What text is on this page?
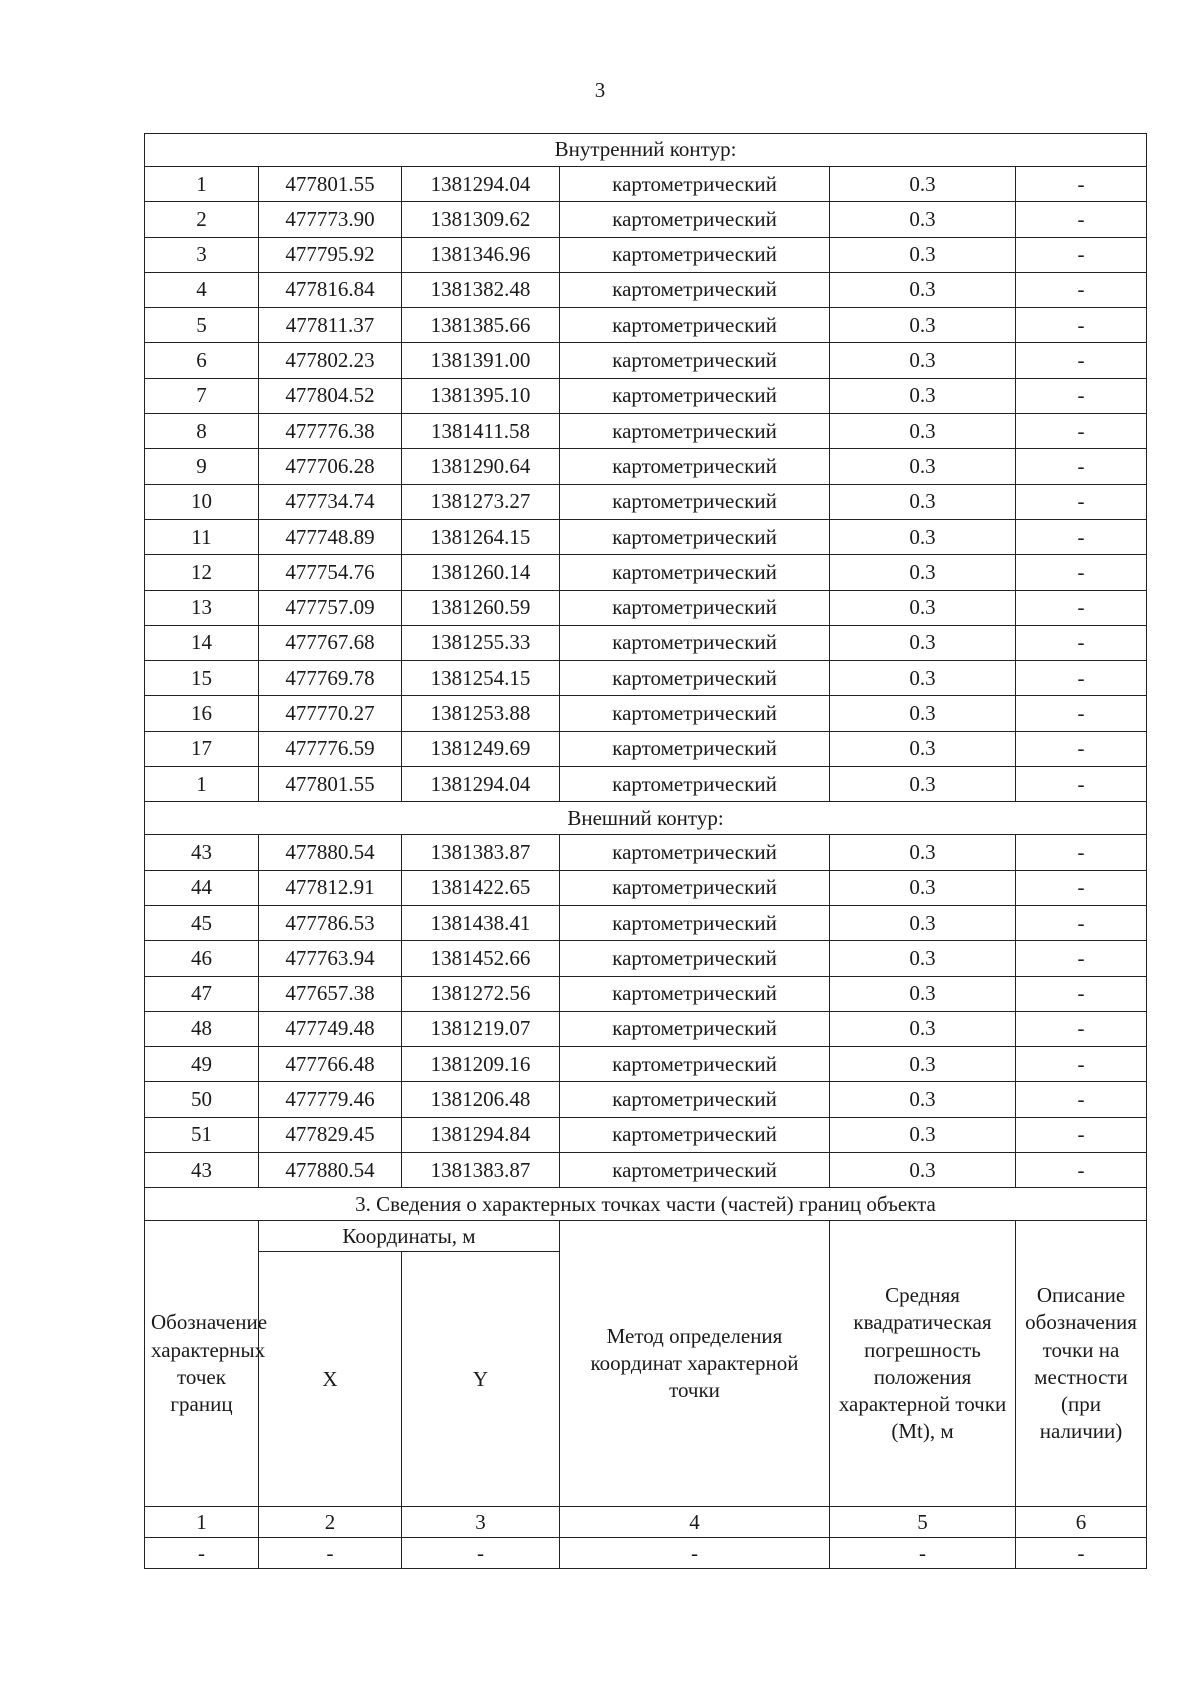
3
Внутренний контур:					
1	477801.55	1381294.04	картометрический	0.3	-
2	477773.90	1381309.62	картометрический	0.3	-
3	477795.92	1381346.96	картометрический	0.3	-
4	477816.84	1381382.48	картометрический	0.3	-
5	477811.37	1381385.66	картометрический	0.3	-
6	477802.23	1381391.00	картометрический	0.3	-
7	477804.52	1381395.10	картометрический	0.3	-
8	477776.38	1381411.58	картометрический	0.3	-
9	477706.28	1381290.64	картометрический	0.3	-
10	477734.74	1381273.27	картометрический	0.3	-
11	477748.89	1381264.15	картометрический	0.3	-
12	477754.76	1381260.14	картометрический	0.3	-
13	477757.09	1381260.59	картометрический	0.3	-
14	477767.68	1381255.33	картометрический	0.3	-
15	477769.78	1381254.15	картометрический	0.3	-
16	477770.27	1381253.88	картометрический	0.3	-
17	477776.59	1381249.69	картометрический	0.3	-
1	477801.55	1381294.04	картометрический	0.3	-
Внешний контур:					
43	477880.54	1381383.87	картометрический	0.3	-
44	477812.91	1381422.65	картометрический	0.3	-
45	477786.53	1381438.41	картометрический	0.3	-
46	477763.94	1381452.66	картометрический	0.3	-
47	477657.38	1381272.56	картометрический	0.3	-
48	477749.48	1381219.07	картометрический	0.3	-
49	477766.48	1381209.16	картометрический	0.3	-
50	477779.46	1381206.48	картометрический	0.3	-
51	477829.45	1381294.84	картометрический	0.3	-
43	477880.54	1381383.87	картометрический	0.3	-
3. Сведения о характерных точках части (частей) границ объекта					
Обозначение характерных точек границ	Координаты, м		Метод определения координат характерной точки	Средняя квадратическая погрешность положения характерной точки (Mt), м	Описание обозначения точки на местности (при наличии)
	X	Y			
1	2	3	4	5	6
-	-	-	-	-	-
